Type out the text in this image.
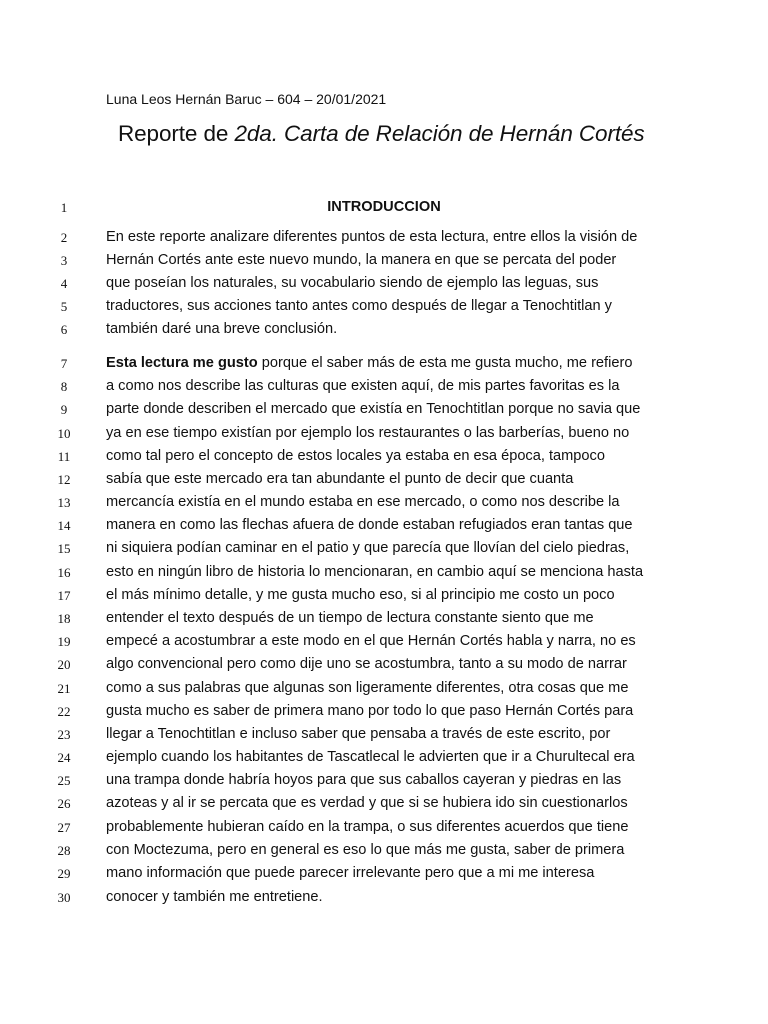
Luna Leos Hernán Baruc – 604 – 20/01/2021
Reporte de 2da. Carta de Relación de Hernán Cortés
1	INTRODUCCION
2	En este reporte analizare diferentes puntos de esta lectura, entre ellos la visión de
3	Hernán Cortés ante este nuevo mundo, la manera en que se percata del poder
4	que poseían los naturales, su vocabulario siendo de ejemplo las leguas, sus
5	traductores, sus acciones tanto antes como después de llegar a Tenochtitlan y
6	también daré una breve conclusión.
7	Esta lectura me gusto porque el saber más de esta me gusta mucho, me refiero
8	a como nos describe las culturas que existen aquí, de mis partes favoritas es la
9	parte donde describen el mercado que existía en Tenochtitlan porque no savia que
10	ya en ese tiempo existían por ejemplo los restaurantes o las barberías, bueno no
11	como tal pero el concepto de estos locales ya estaba en esa época, tampoco
12	sabía que este mercado era tan abundante el punto de decir que cuanta
13	mercancía existía en el mundo estaba en ese mercado, o como nos describe la
14	manera en como las flechas afuera de donde estaban refugiados eran tantas que
15	ni siquiera podían caminar en el patio y que parecía que llovían del cielo piedras,
16	esto en ningún libro de historia lo mencionaran, en cambio aquí se menciona hasta
17	el más mínimo detalle, y me gusta mucho eso, si al principio me costo un poco
18	entender el texto después de un tiempo de lectura constante siento que me
19	empecé a acostumbrar a este modo en el que Hernán Cortés habla y narra, no es
20	algo convencional pero como dije uno se acostumbra, tanto a su modo de narrar
21	como a sus palabras que algunas son ligeramente diferentes, otra cosas que me
22	gusta mucho es saber de primera mano por todo lo que paso Hernán Cortés para
23	llegar a Tenochtitlan e incluso saber que pensaba a través de este escrito, por
24	ejemplo cuando los habitantes de Tascatlecal le advierten que ir a Churultecal era
25	una trampa donde habría hoyos para que sus caballos cayeran y piedras en las
26	azoteas y al ir se percata que es verdad y que si se hubiera ido sin cuestionarlos
27	probablemente hubieran caído en la trampa, o sus diferentes acuerdos que tiene
28	con Moctezuma, pero en general es eso lo que más me gusta, saber de primera
29	mano información que puede parecer irrelevante pero que a mi me interesa
30	conocer y también me entretiene.
